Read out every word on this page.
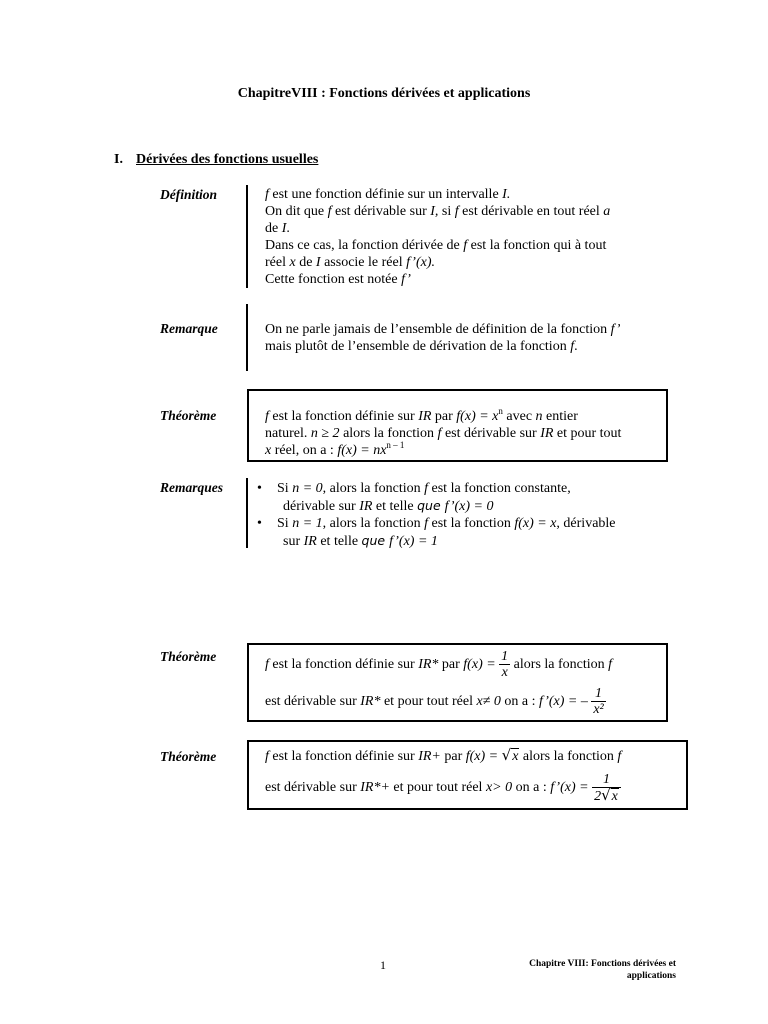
ChapitreVIII : Fonctions dérivées et applications
I. Dérivées des fonctions usuelles
Définition	f est une fonction définie sur un intervalle I.
On dit que f est dérivable sur I, si f est dérivable en tout réel a
de I.
Dans ce cas, la fonction dérivée de f est la fonction qui à tout
réel x de I associe le réel f’(x).
Cette fonction est notée f’
Remarque	On ne parle jamais de l’ensemble de définition de la fonction f’
mais plutôt de l’ensemble de dérivation de la fonction f.
Théorème	f est la fonction définie sur IR par $f(x) = x^n$ avec n entier
naturel. n ≥ 2 alors la fonction f est dérivable sur IR et pour tout
x réel, on a : $f(x) = nx^{n - 1}$
Remarques • Si n = 0, alors la fonction f est la fonction constante,
dérivable sur IR et telle que f’(x) = 0
• Si n = 1, alors la fonction f est la fonction f(x) = x, dérivable
sur IR et telle que f’(x) = 1
Théorème
f est la fonction définie sur IR* par $f(x) = \frac{1}{x}$ alors la fonction f
est dérivable sur IR* et pour tout réel x≠ 0 on a : f’(x) = – $\frac{1}{\text{x²}}$
Théorème	f est la fonction définie sur IR+ par f(x) = √x alors la fonction f
est dérivable sur IR*+ et pour tout réel x> 0 on a : f’(x) = $\frac{1}{2√x}$
1	Chapitre VIII: Fonctions dérivées et
applications
